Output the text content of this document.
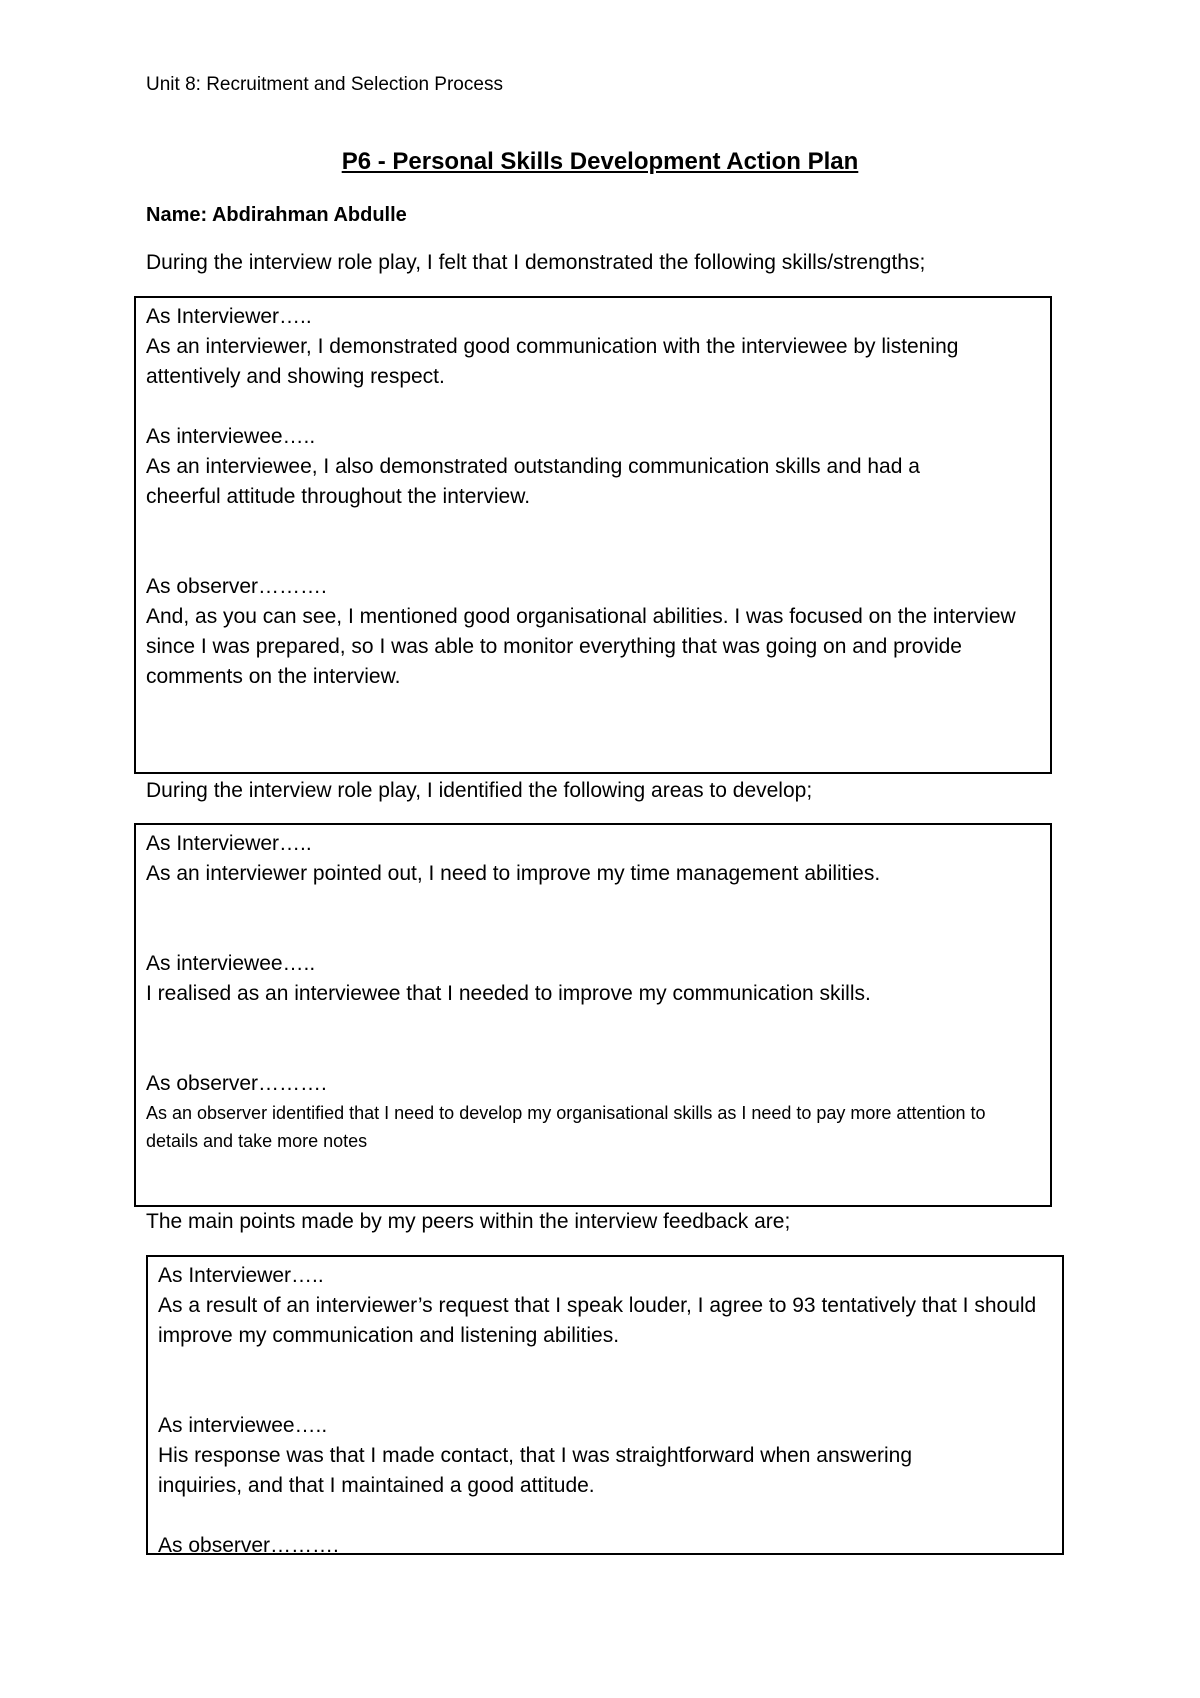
Unit 8: Recruitment and Selection Process
P6 - Personal Skills Development Action Plan
Name: Abdirahman Abdulle
During the interview role play, I felt that I demonstrated the following skills/strengths;

As Interviewer…..

As an interviewer, I demonstrated good communication with the interviewee by listening attentively and showing respect.

As interviewee…..

As an interviewee, I also demonstrated outstanding communication skills and had a cheerful attitude throughout the interview.

As observer……….

And, as you can see, I mentioned good organisational abilities. I was focused on the interview since I was prepared, so I was able to monitor everything that was going on and provide comments on the interview.

During the interview role play, I identified the following areas to develop;

As Interviewer…..

As an interviewer pointed out, I need to improve my time management abilities.

As interviewee…..

I realised as an interviewee that I needed to improve my communication skills.

As observer……….

As an observer identified that I need to develop my organisational skills as I need to pay more attention to details and take more notes

The main points made by my peers within the interview feedback are;

As Interviewer…..

As a result of an interviewer’s request that I speak louder, I agree to 93 tentatively that I should improve my communication and listening abilities.

As interviewee…..

His response was that I made contact, that I was straightforward when answering inquiries, and that I maintained a good attitude.

As observer……….
